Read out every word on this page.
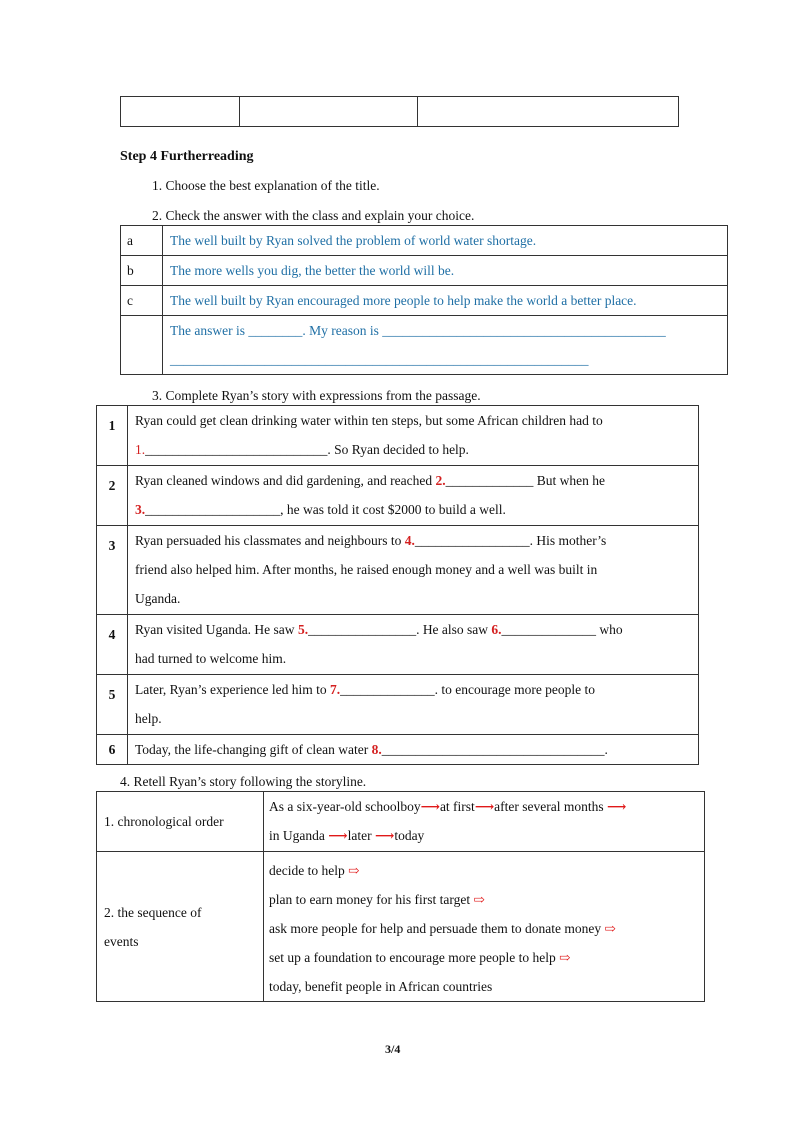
Step 4 Furtherreading
1. Choose the best explanation of the title.
2. Check the answer with the class and explain your choice.
a	The well built by Ryan solved the problem of world water shortage.
b	The more wells you dig, the better the world will be.
c	The well built by Ryan encouraged more people to help make the world a better place.
	The answer is ________. My reason is __________________________________________
______________________________________________________________
3. Complete Ryan’s story with expressions from the passage.
1	Ryan could get clean drinking water within ten steps, but some African children had to
1.___________________________. So Ryan decided to help.
2	Ryan cleaned windows and did gardening, and reached 2._____________ But when he
3.____________________, he was told it cost $2000 to build a well.
3	Ryan persuaded his classmates and neighbours to 4._________________. His mother’s
friend also helped him. After months, he raised enough money and a well was built in
Uganda.
4	Ryan visited Uganda. He saw 5.________________. He also saw 6.______________ who
had turned to welcome him.
5	Later, Ryan’s experience led him to 7.______________. to encourage more people to
help.
6	Today, the life-changing gift of clean water 8._________________________________.
4. Retell Ryan’s story following the storyline.
1. chronological order	As a six-year-old schoolboy⟶at first⟶after several months ⟶
in Uganda ⟶later ⟶today
2. the sequence of
events	decide to help ⇨
plan to earn money for his first target ⇨
ask more people for help and persuade them to donate money ⇨
set up a foundation to encourage more people to help ⇨
today, benefit people in African countries
3/4
